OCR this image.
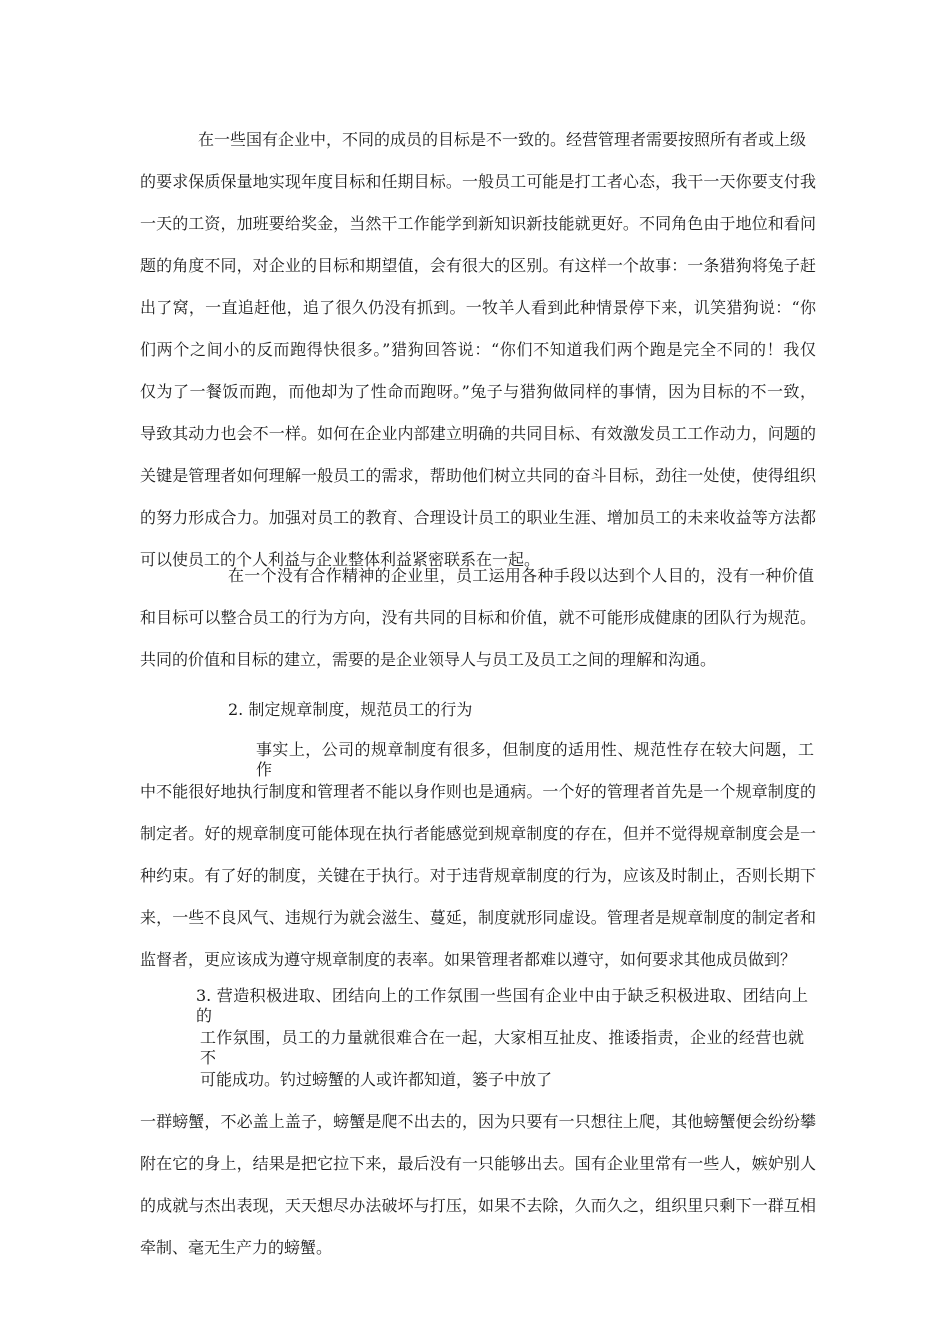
在一些国有企业中，不同的成员的目标是不一致的。经营管理者需要按照所有者或上级
的要求保质保量地实现年度目标和任期目标。一般员工可能是打工者心态，我干一天你要支付我
一天的工资，加班要给奖金，当然干工作能学到新知识新技能就更好。不同角色由于地位和看问
题的角度不同，对企业的目标和期望值，会有很大的区别。有这样一个故事：一条猎狗将兔子赶
出了窝，一直追赶他，追了很久仍没有抓到。一牧羊人看到此种情景停下来，讥笑猎狗说：“你
们两个之间小的反而跑得快很多。”猎狗回答说：“你们不知道我们两个跑是完全不同的！我仅
仅为了一餐饭而跑，而他却为了性命而跑呀。”兔子与猎狗做同样的事情，因为目标的不一致，
导致其动力也会不一样。如何在企业内部建立明确的共同目标、有效激发员工工作动力，问题的
关键是管理者如何理解一般员工的需求，帮助他们树立共同的奋斗目标，劲往一处使，使得组织
的努力形成合力。加强对员工的教育、合理设计员工的职业生涯、增加员工的未来收益等方法都
可以使员工的个人利益与企业整体利益紧密联系在一起。
在一个没有合作精神的企业里，员工运用各种手段以达到个人目的，没有一种价值
和目标可以整合员工的行为方向，没有共同的目标和价值，就不可能形成健康的团队行为规范。
共同的价值和目标的建立，需要的是企业领导人与员工及员工之间的理解和沟通。
2. 制定规章制度，规范员工的行为
事实上，公司的规章制度有很多，但制度的适用性、规范性存在较大问题，工作
中不能很好地执行制度和管理者不能以身作则也是通病。一个好的管理者首先是一个规章制度的
制定者。好的规章制度可能体现在执行者能感觉到规章制度的存在，但并不觉得规章制度会是一
种约束。有了好的制度，关键在于执行。对于违背规章制度的行为，应该及时制止，否则长期下
来，一些不良风气、违规行为就会滋生、蔓延，制度就形同虚设。管理者是规章制度的制定者和
监督者，更应该成为遵守规章制度的表率。如果管理者都难以遵守，如何要求其他成员做到？
3. 营造积极进取、团结向上的工作氛围一些国有企业中由于缺乏积极进取、团结向上的
工作氛围，员工的力量就很难合在一起，大家相互扯皮、推诿指责，企业的经营也就不
可能成功。钓过螃蟹的人或许都知道，篓子中放了
一群螃蟹，不必盖上盖子，螃蟹是爬不出去的，因为只要有一只想往上爬，其他螃蟹便会纷纷攀
附在它的身上，结果是把它拉下来，最后没有一只能够出去。国有企业里常有一些人，嫉妒别人
的成就与杰出表现，天天想尽办法破坏与打压，如果不去除，久而久之，组织里只剩下一群互相
牵制、毫无生产力的螃蟹。
